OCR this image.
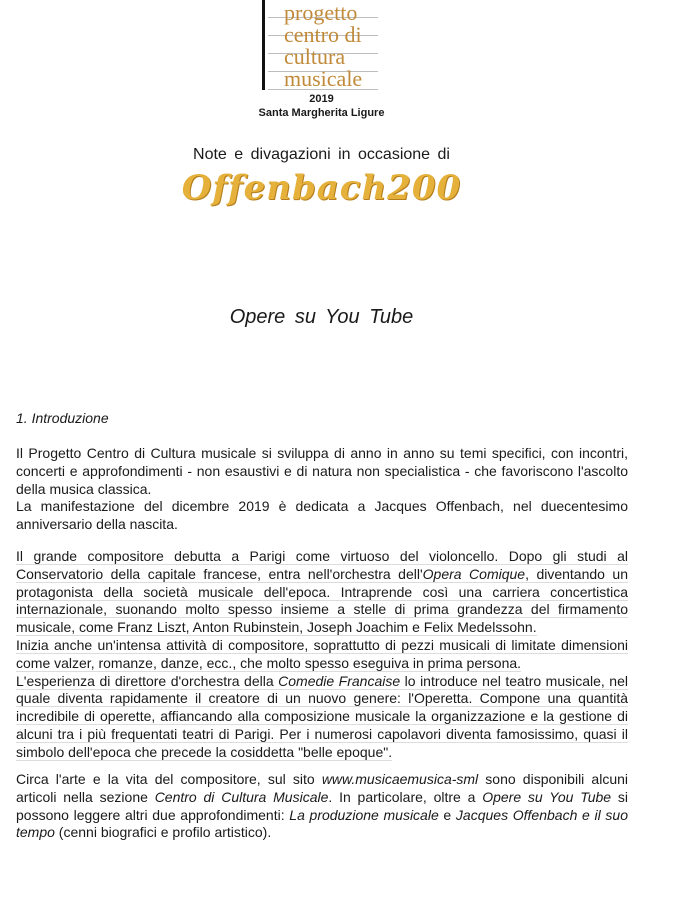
progetto
centro di
cultura
musicale
2019
Santa Margherita Ligure
Note e divagazioni in occasione di
Offenbach200
Opere su You Tube
1. Introduzione

Il Progetto Centro di Cultura musicale si sviluppa di anno in anno su temi specifici, con incontri, concerti e approfondimenti - non esaustivi e di natura non specialistica - che favoriscono l'ascolto della musica classica.

La manifestazione del dicembre 2019 è dedicata a Jacques Offenbach, nel duecentesimo anniversario della nascita.

Il grande compositore debutta a Parigi come virtuoso del violoncello. Dopo gli studi al Conservatorio della capitale francese, entra nell'orchestra dell'Opera Comique, diventando un protagonista della società musicale dell'epoca. Intraprende così una carriera concertistica internazionale, suonando molto spesso insieme a stelle di prima grandezza del firmamento musicale, come Franz Liszt, Anton Rubinstein, Joseph Joachim e Felix Medelssohn.

Inizia anche un'intensa attività di compositore, soprattutto di pezzi musicali di limitate dimensioni come valzer, romanze, danze, ecc., che molto spesso eseguiva in prima persona.

L'esperienza di direttore d'orchestra della Comedie Francaise lo introduce nel teatro musicale, nel quale diventa rapidamente il creatore di un nuovo genere: l'Operetta. Compone una quantità incredibile di operette, affiancando alla composizione musicale la organizzazione e la gestione di alcuni tra i più frequentati teatri di Parigi. Per i numerosi capolavori diventa famosissimo, quasi il simbolo dell'epoca che precede la cosiddetta "belle epoque".

Circa l'arte e la vita del compositore, sul sito www.musicaemusica-sml sono disponibili alcuni articoli nella sezione Centro di Cultura Musicale. In particolare, oltre a Opere su You Tube si possono leggere altri due approfondimenti: La produzione musicale e Jacques Offenbach e il suo tempo (cenni biografici e profilo artistico).
